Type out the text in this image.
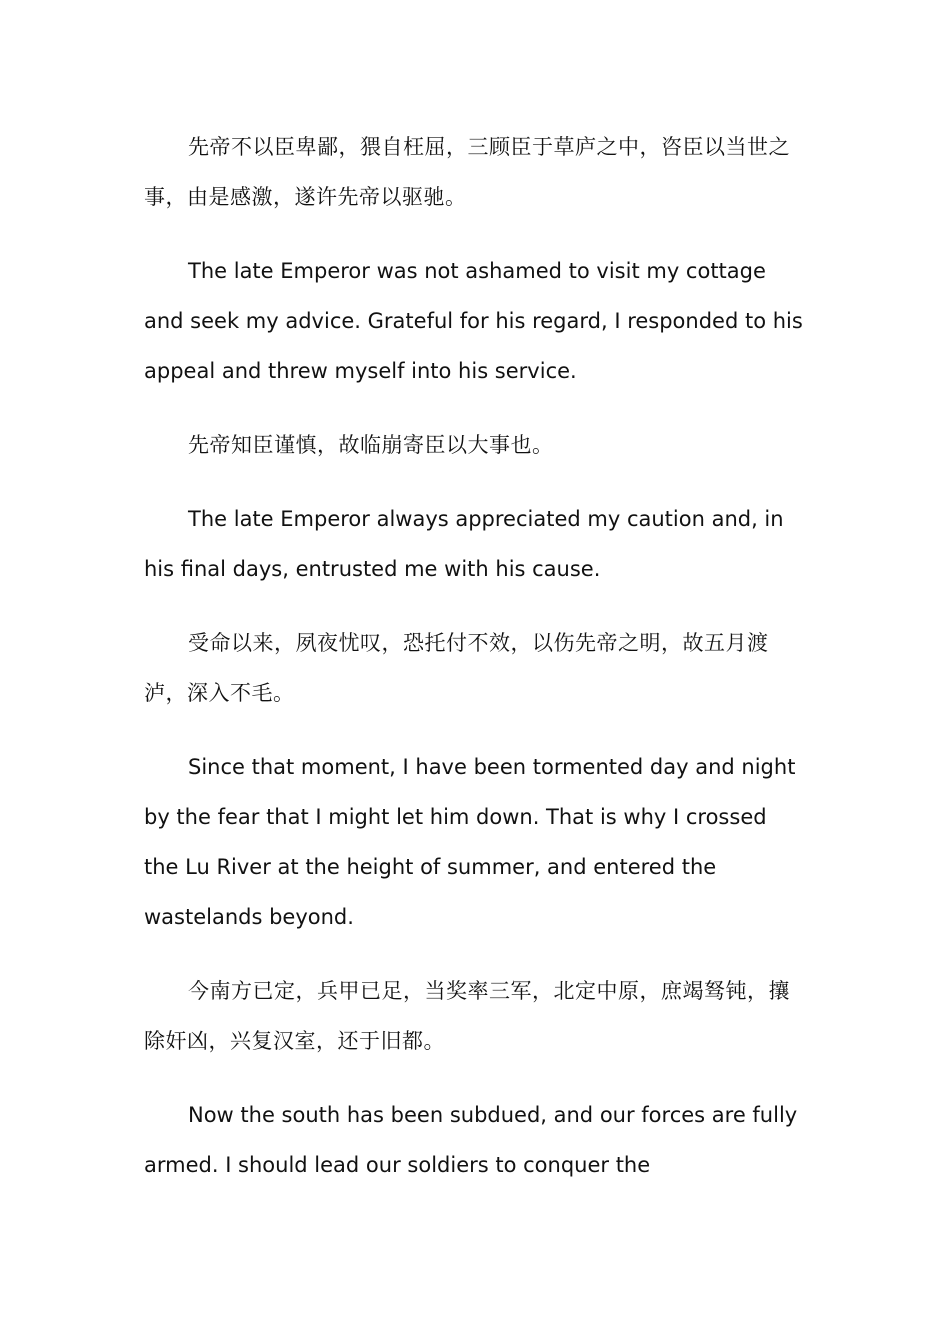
先帝不以臣卑鄙，猥自枉屈，三顾臣于草庐之中，咨臣以当世之事，由是感激，遂许先帝以驱驰。

The late Emperor was not ashamed to visit my cottage and seek my advice. Grateful for his regard, I responded to his appeal and threw myself into his service.

先帝知臣谨慎，故临崩寄臣以大事也。

The late Emperor always appreciated my caution and, in his final days, entrusted me with his cause.

受命以来，夙夜忧叹，恐托付不效，以伤先帝之明，故五月渡泸，深入不毛。

Since that moment, I have been tormented day and night by the fear that I might let him down. That is why I crossed the Lu River at the height of summer, and entered the wastelands beyond.

今南方已定，兵甲已足，当奖率三军，北定中原，庶竭驽钝，攘除奸凶，兴复汉室，还于旧都。

Now the south has been subdued, and our forces are fully armed. I should lead our soldiers to conquer the
